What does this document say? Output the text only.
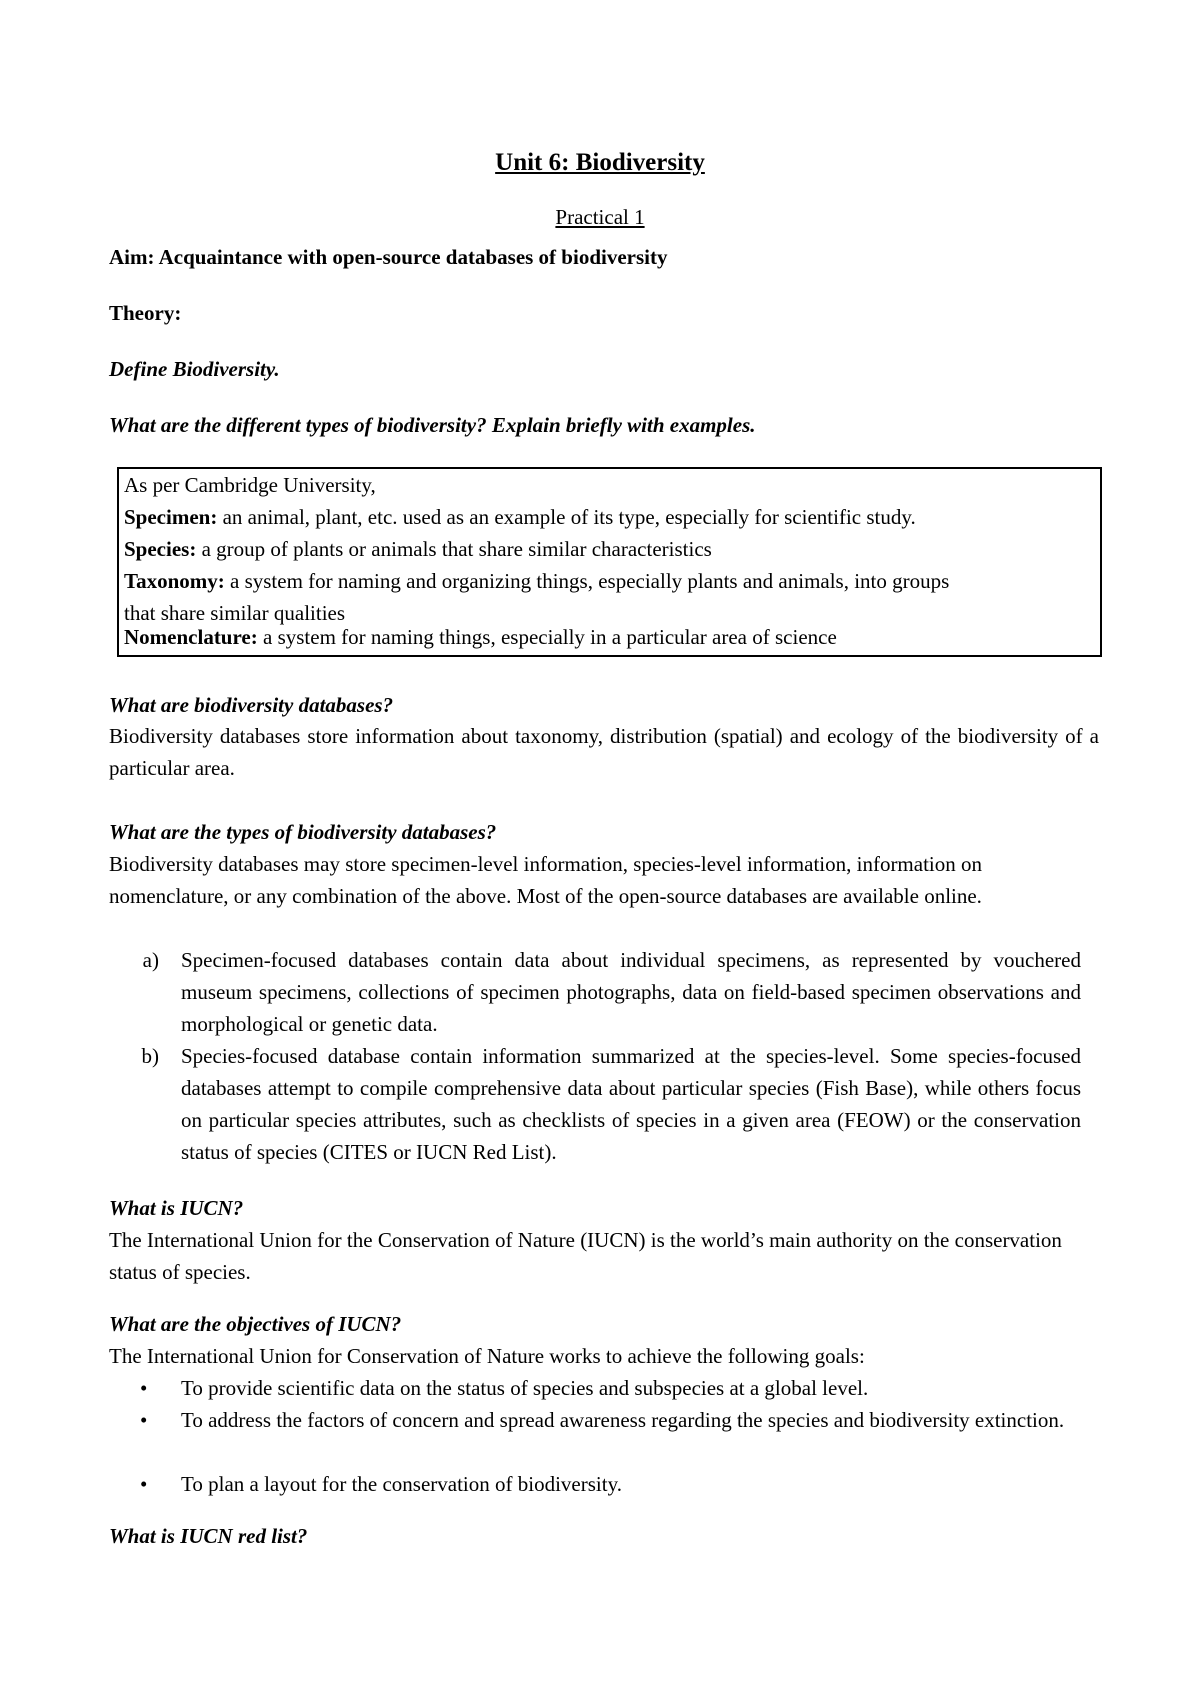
Unit 6: Biodiversity

Practical 1

Aim: Acquaintance with open-source databases of biodiversity

Theory:

Define Biodiversity.

What are the different types of biodiversity? Explain briefly with examples.

As per Cambridge University,
Specimen: an animal, plant, etc. used as an example of its type, especially for scientific study.
Species: a group of plants or animals that share similar characteristics
Taxonomy: a system for naming and organizing things, especially plants and animals, into groups
that share similar qualities
Nomenclature: a system for naming things, especially in a particular area of science

What are biodiversity databases?

Biodiversity databases store information about taxonomy, distribution (spatial) and ecology of the biodiversity of a particular area.

What are the types of biodiversity databases?

Biodiversity databases may store specimen-level information, species-level information, information on nomenclature, or any combination of the above. Most of the open-source databases are available online.

a) Specimen-focused databases contain data about individual specimens, as represented by vouchered museum specimens, collections of specimen photographs, data on field-based specimen observations and morphological or genetic data.

b) Species-focused database contain information summarized at the species-level. Some species-focused databases attempt to compile comprehensive data about particular species (Fish Base), while others focus on particular species attributes, such as checklists of species in a given area (FEOW) or the conservation status of species (CITES or IUCN Red List).

What is IUCN?

The International Union for the Conservation of Nature (IUCN) is the world’s main authority on the conservation status of species.

What are the objectives of IUCN?

The International Union for Conservation of Nature works to achieve the following goals:

• To provide scientific data on the status of species and subspecies at a global level.

• To address the factors of concern and spread awareness regarding the species and biodiversity extinction.

• To plan a layout for the conservation of biodiversity.

What is IUCN red list?
